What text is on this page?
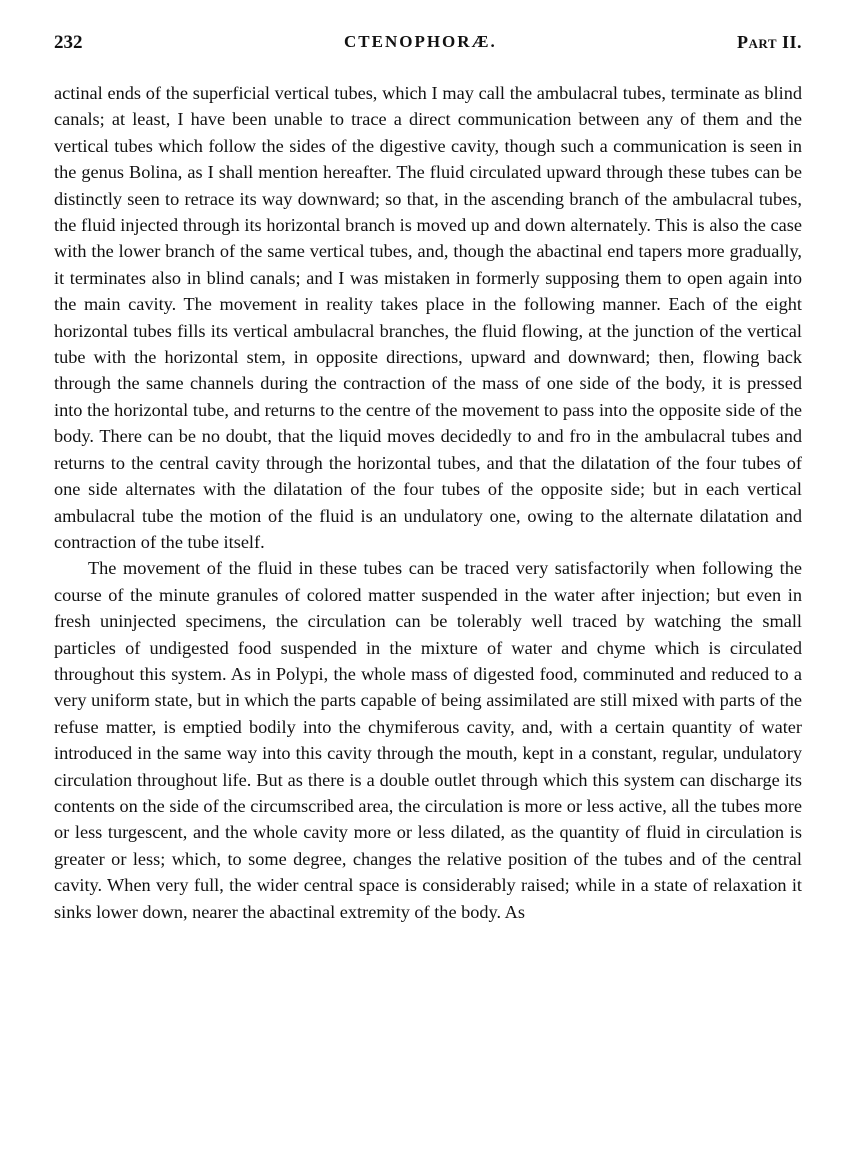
232	CTENOPHORÆ.	Part II.

actinal ends of the superficial vertical tubes, which I may call the ambulacral tubes, terminate as blind canals; at least, I have been unable to trace a direct communication between any of them and the vertical tubes which follow the sides of the digestive cavity, though such a communication is seen in the genus Bolina, as I shall mention hereafter. The fluid circulated upward through these tubes can be distinctly seen to retrace its way downward; so that, in the ascending branch of the ambulacral tubes, the fluid injected through its horizontal branch is moved up and down alternately. This is also the case with the lower branch of the same vertical tubes, and, though the abactinal end tapers more gradually, it terminates also in blind canals; and I was mistaken in formerly supposing them to open again into the main cavity. The movement in reality takes place in the following manner. Each of the eight horizontal tubes fills its vertical ambulacral branches, the fluid flowing, at the junction of the vertical tube with the horizontal stem, in opposite directions, upward and downward; then, flowing back through the same channels during the contraction of the mass of one side of the body, it is pressed into the horizontal tube, and returns to the centre of the movement to pass into the opposite side of the body. There can be no doubt, that the liquid moves decidedly to and fro in the ambulacral tubes and returns to the central cavity through the horizontal tubes, and that the dilatation of the four tubes of one side alternates with the dilatation of the four tubes of the opposite side; but in each vertical ambulacral tube the motion of the fluid is an undulatory one, owing to the alternate dilatation and contraction of the tube itself.

The movement of the fluid in these tubes can be traced very satisfactorily when following the course of the minute granules of colored matter suspended in the water after injection; but even in fresh uninjected specimens, the circulation can be tolerably well traced by watching the small particles of undigested food suspended in the mixture of water and chyme which is circulated throughout this system. As in Polypi, the whole mass of digested food, comminuted and reduced to a very uniform state, but in which the parts capable of being assimilated are still mixed with parts of the refuse matter, is emptied bodily into the chymiferous cavity, and, with a certain quantity of water introduced in the same way into this cavity through the mouth, kept in a constant, regular, undulatory circulation throughout life. But as there is a double outlet through which this system can discharge its contents on the side of the circumscribed area, the circulation is more or less active, all the tubes more or less turgescent, and the whole cavity more or less dilated, as the quantity of fluid in circulation is greater or less; which, to some degree, changes the relative position of the tubes and of the central cavity. When very full, the wider central space is considerably raised; while in a state of relaxation it sinks lower down, nearer the abactinal extremity of the body. As
